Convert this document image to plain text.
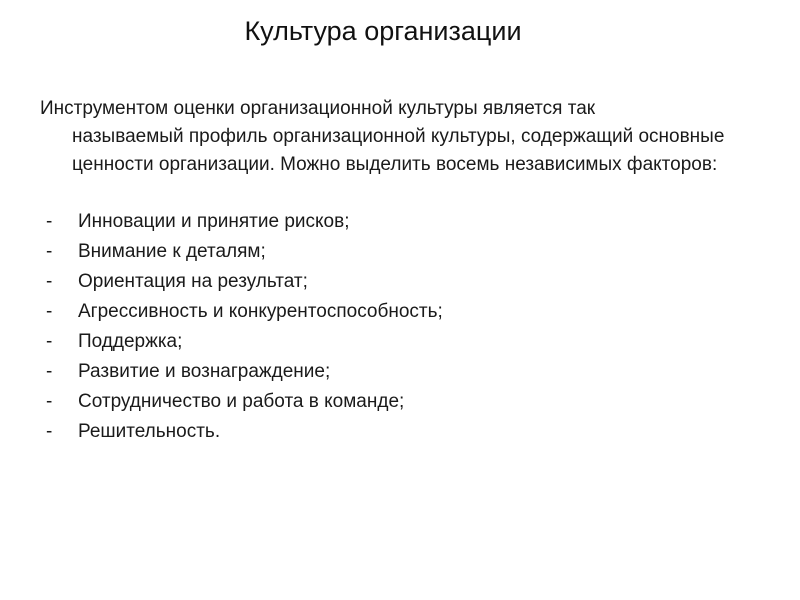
Культура организации
Инструментом оценки организационной культуры является так
называемый профиль организационной культуры, содержащий основные ценности организации. Можно выделить восемь независимых факторов:
- Инновации и принятие рисков;
- Внимание к деталям;
- Ориентация на результат;
- Агрессивность и конкурентоспособность;
- Поддержка;
- Развитие и вознаграждение;
- Сотрудничество и работа в команде;
- Решительность.
